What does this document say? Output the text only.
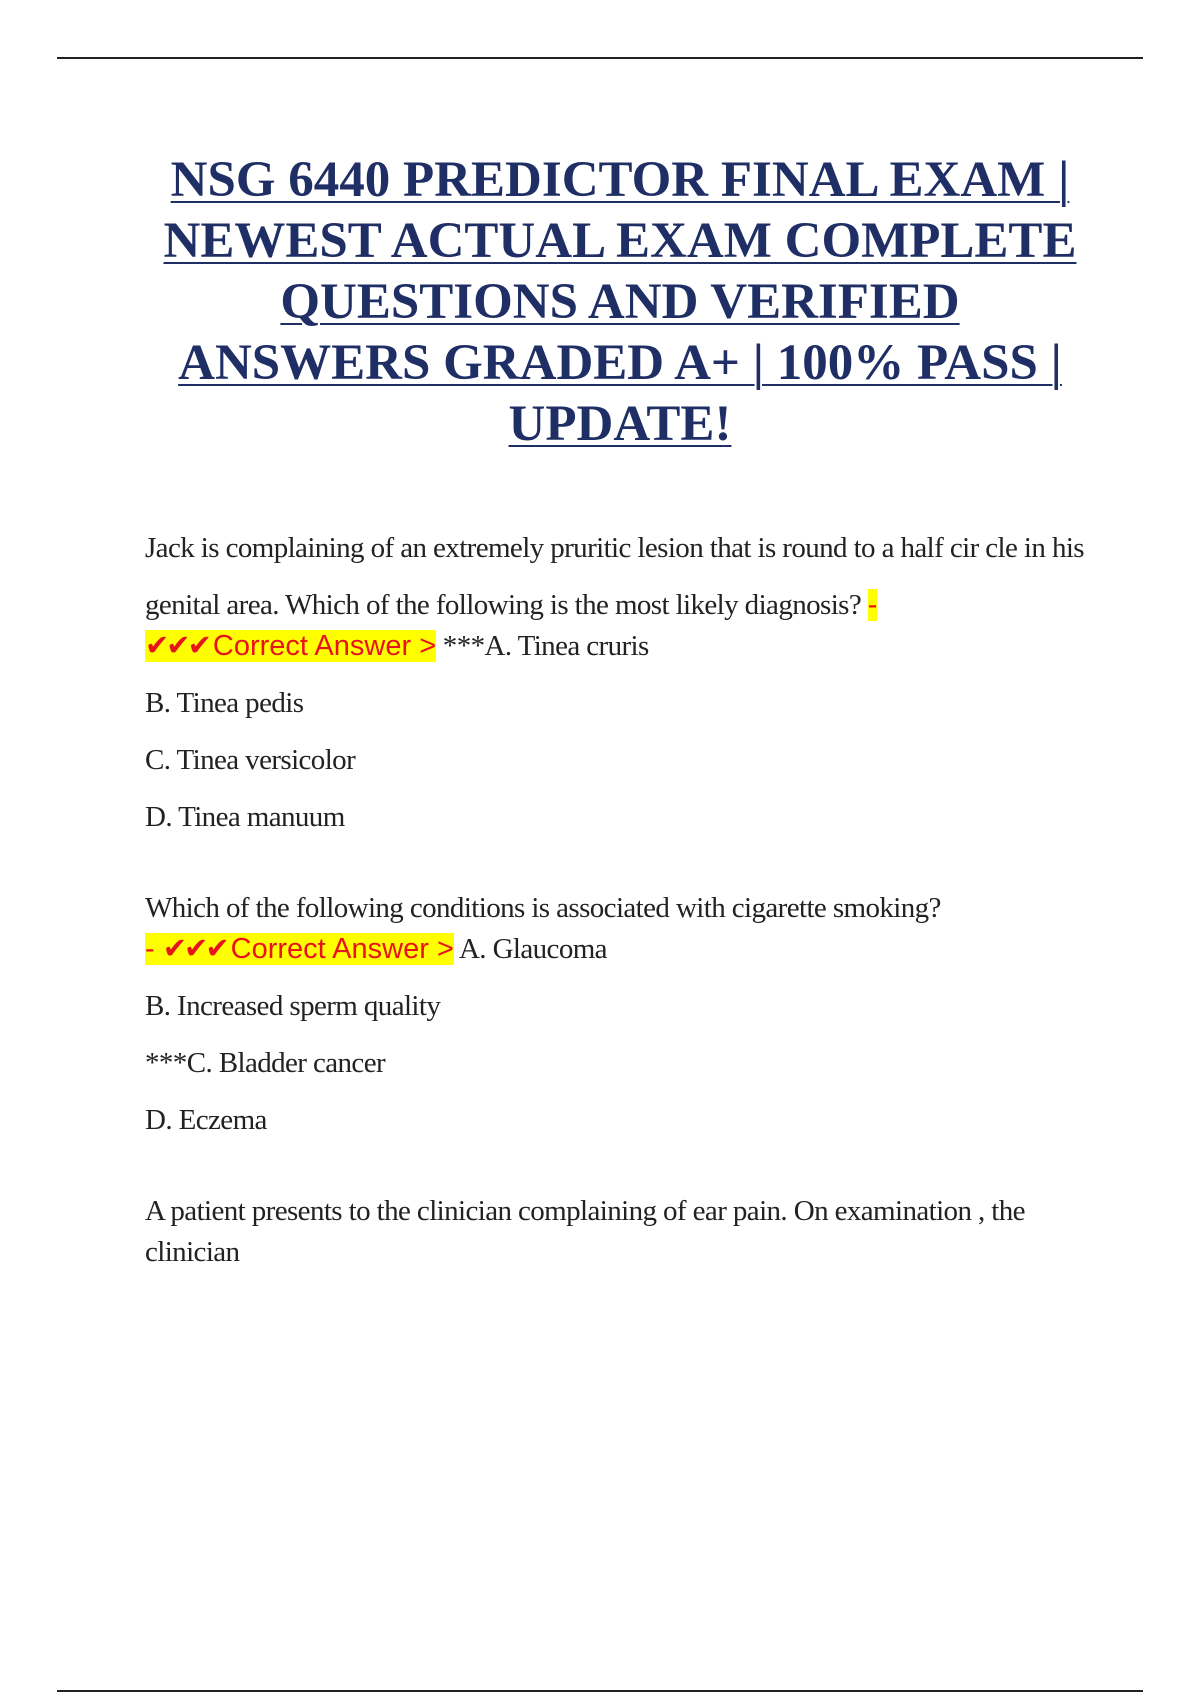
NSG 6440 PREDICTOR FINAL EXAM |
NEWEST ACTUAL EXAM COMPLETE
QUESTIONS AND VERIFIED
ANSWERS GRADED A+ | 100% PASS |
UPDATE!

Jack is complaining of an extremely pruritic lesion that is round to a half cir cle in his

genital area. Which of the following is the most likely diagnosis? -
✔✔✔ Correct Answer > ***A. Tinea cruris

B. Tinea pedis

C. Tinea versicolor

D. Tinea manuum

Which of the following conditions is associated with cigarette smoking?
- ✔✔✔ Correct Answer > A. Glaucoma

B. Increased sperm quality

***C. Bladder cancer

D. Eczema

A patient presents to the clinician complaining of ear pain. On examination , the clinician
